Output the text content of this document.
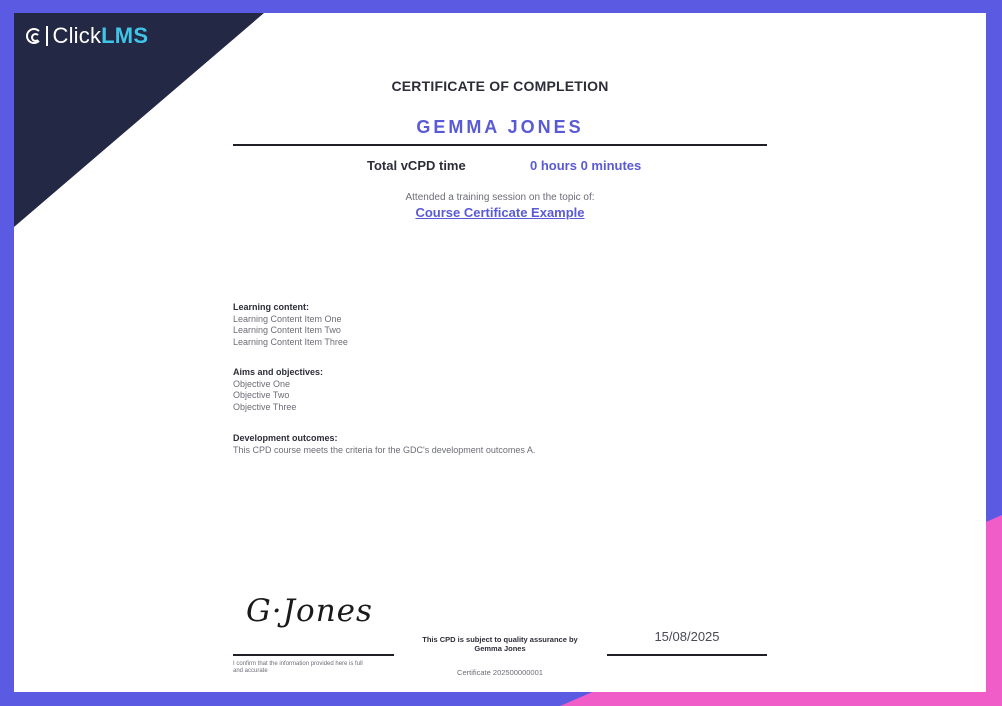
ClickLMS
CERTIFICATE OF COMPLETION
GEMMA JONES
Total vCPD time	0 hours 0 minutes
Attended a training session on the topic of:
Course Certificate Example
Learning content:
Learning Content Item One
Learning Content Item Two
Learning Content Item Three
Aims and objectives:
Objective One
Objective Two
Objective Three
Development outcomes:
This CPD course meets the criteria for the GDC's development outcomes A.
G·Jones
I confirm that the information provided here is full and accurate
This CPD is subject to quality assurance by Gemma Jones
Certificate 202500000001
15/08/2025
